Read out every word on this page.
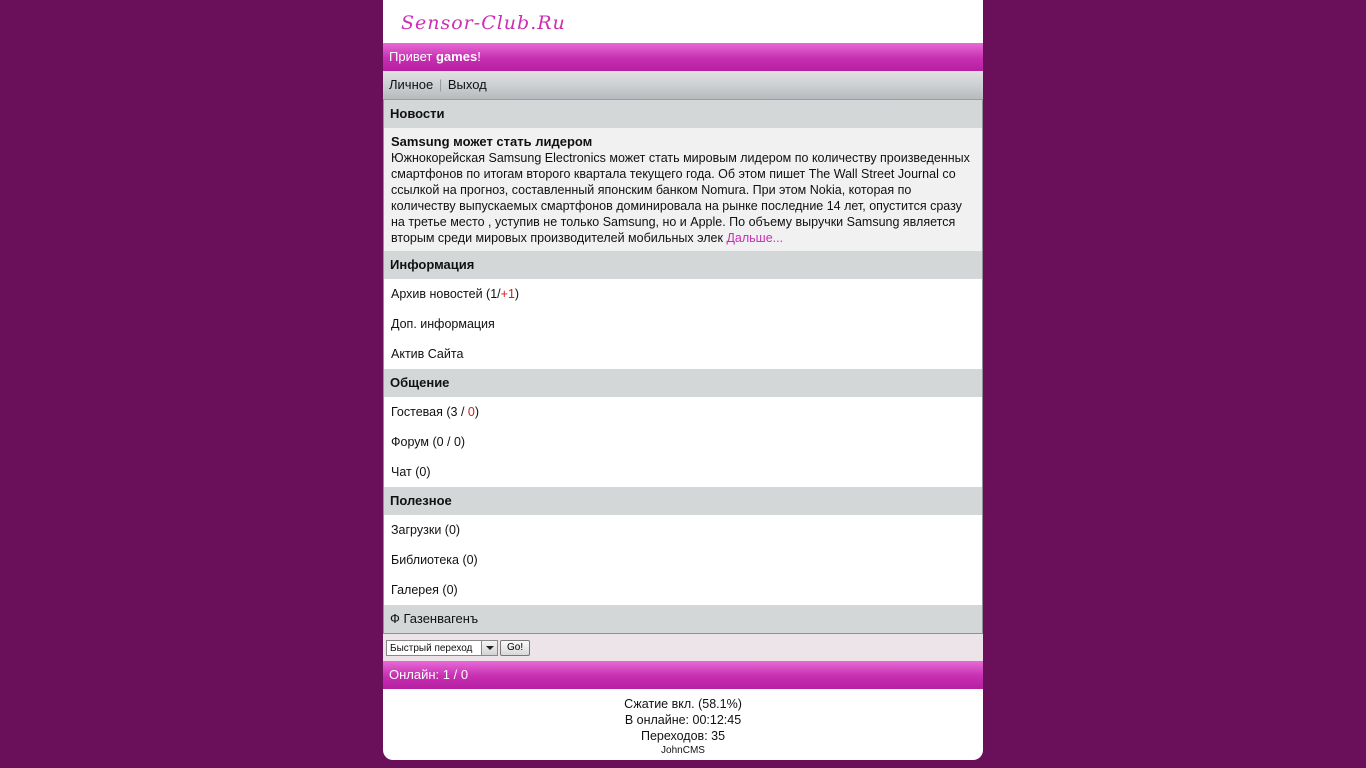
Sensor-Club.Ru
Привет games!
Личное | Выход
Новости
Samsung может стать лидером
Южнокорейская Samsung Electronics может стать мировым лидером по количеству произведенных смартфонов по итогам второго квартала текущего года. Об этом пишет The Wall Street Journal со ссылкой на прогноз, составленный японским банком Nomura. При этом Nokia, которая по количеству выпускаемых смартфонов доминировала на рынке последние 14 лет, опустится сразу на третье место , уступив не только Samsung, но и Apple. По объему выручки Samsung является вторым среди мировых производителей мобильных элек Дальше...
Информация
Архив новостей (1/+1)
Доп. информация
Актив Сайта
Общение
Гостевая (3 / 0)
Форум (0 / 0)
Чат (0)
Полезное
Загрузки (0)
Библиотека (0)
Галерея (0)
Ф Газенвагенъ
Быстрый переход	Go!
Онлайн: 1 / 0
Сжатие вкл. (58.1%)
В онлайне: 00:12:45
Переходов: 35
JohnCMS
